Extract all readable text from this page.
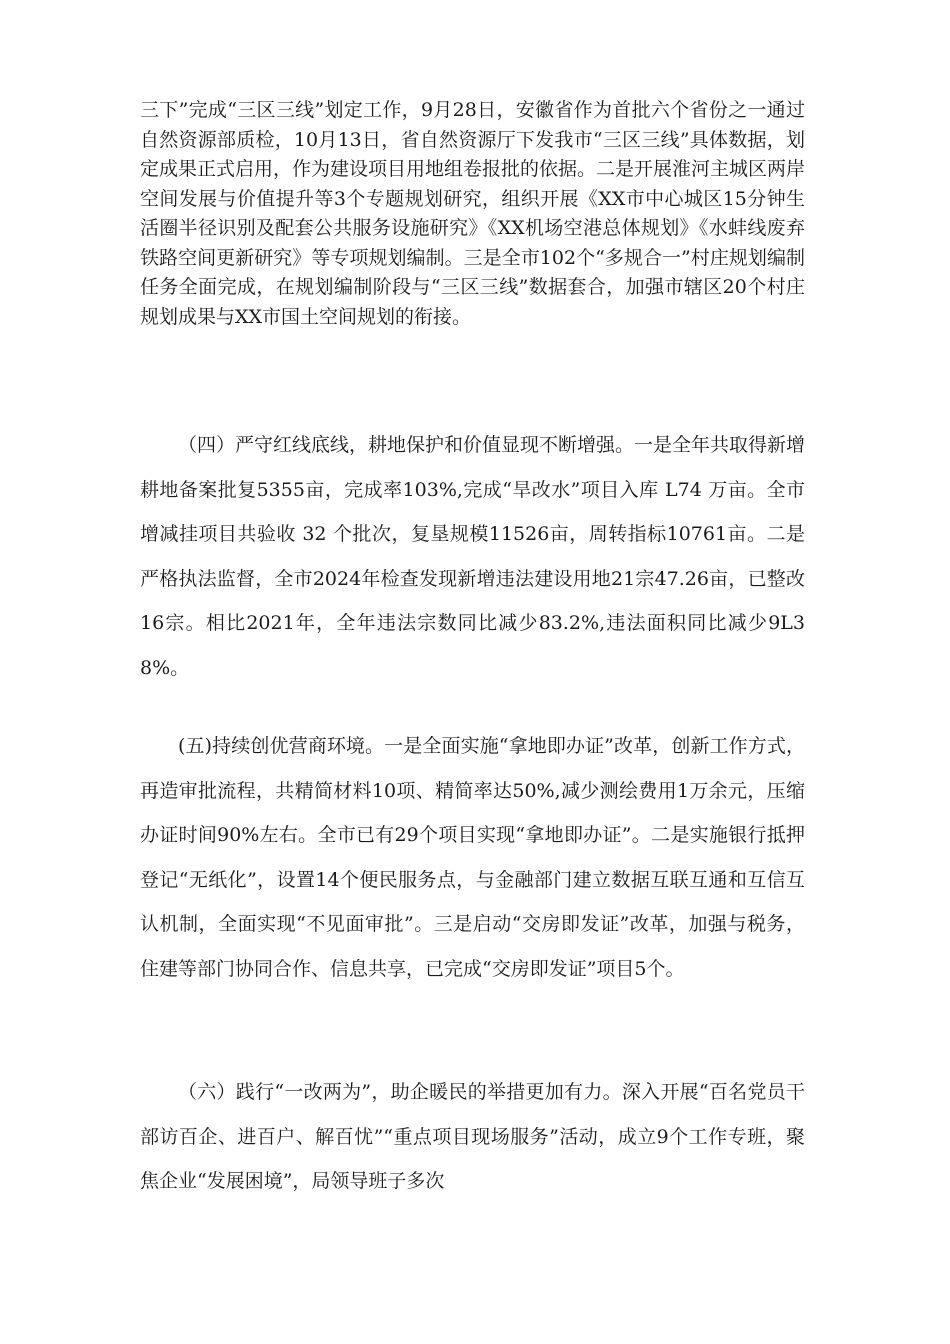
三下”完成“三区三线”划定工作，9月28日，安徽省作为首批六个省份之一通过自然资源部质检，10月13日，省自然资源厅下发我市“三区三线”具体数据，划定成果正式启用，作为建设项目用地组卷报批的依据。二是开展淮河主城区两岸空间发展与价值提升等3个专题规划研究，组织开展《XX市中心城区15分钟生活圈半径识别及配套公共服务设施研究》《XX机场空港总体规划》《水蚌线废弃铁路空间更新研究》等专项规划编制。三是全市102个“多规合一”村庄规划编制任务全面完成，在规划编制阶段与“三区三线”数据套合，加强市辖区20个村庄规划成果与XX市国土空间规划的衔接。

（四）严守红线底线，耕地保护和价值显现不断增强。一是全年共取得新增耕地备案批复5355亩，完成率103%,完成“旱改水”项目入库 L74 万亩。全市增减挂项目共验收 32 个批次，复垦规模11526亩，周转指标10761亩。二是严格执法监督，全市2024年检查发现新增违法建设用地21宗47.26亩，已整改16宗。相比2021年，全年违法宗数同比减少83.2%,违法面积同比减少9L38%。

(五)持续创优营商环境。一是全面实施“拿地即办证”改革，创新工作方式，再造审批流程，共精简材料10项、精简率达50%,减少测绘费用1万余元，压缩办证时间90%左右。全市已有29个项目实现“拿地即办证”。二是实施银行抵押登记“无纸化”，设置14个便民服务点，与金融部门建立数据互联互通和互信互认机制，全面实现“不见面审批”。三是启动“交房即发证”改革，加强与税务，住建等部门协同合作、信息共享，已完成“交房即发证”项目5个。

（六）践行“一改两为”，助企暖民的举措更加有力。深入开展“百名党员干部访百企、进百户、解百忧”“重点项目现场服务”活动，成立9个工作专班，聚焦企业“发展困境”，局领导班子多次
